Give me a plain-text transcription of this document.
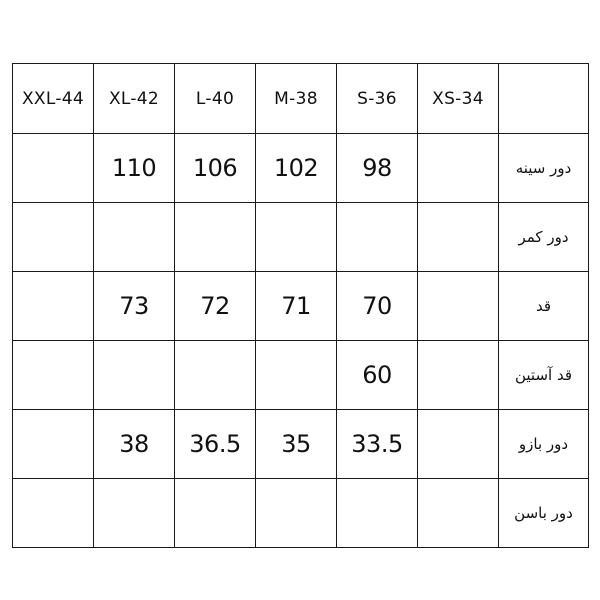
XXL-44	XL-42	L-40	M-38	S-36	XS-34	
	110	106	102	98		دور سینه
						دور کمر
	73	72	71	70		قد
				60		قد آستین
	38	36.5	35	33.5		دور بازو
						دور باسن
